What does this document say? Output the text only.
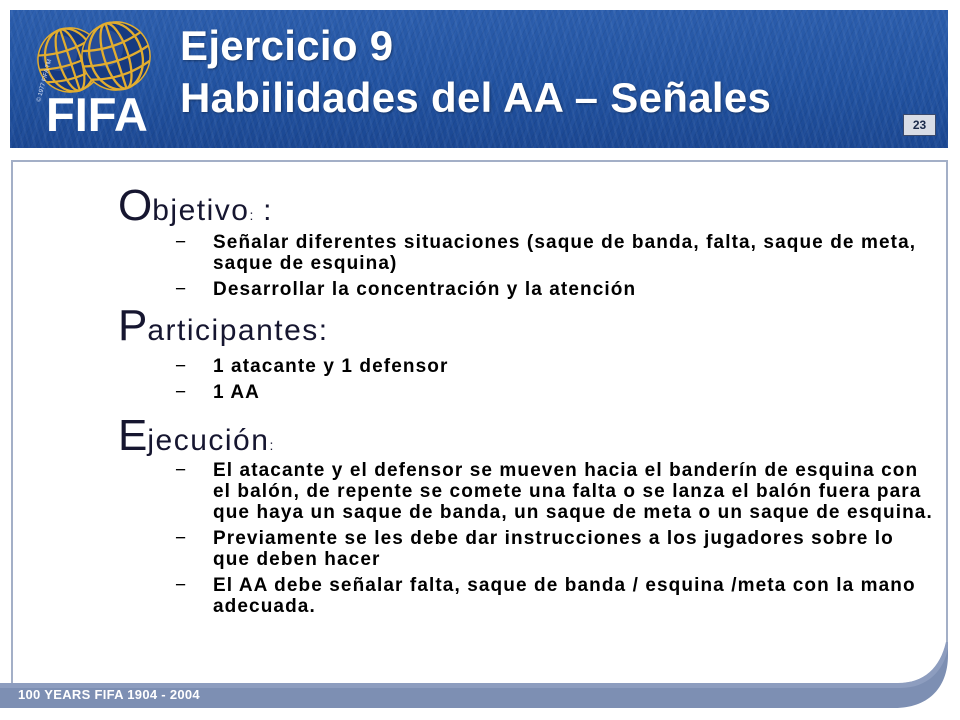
100 YEARS FIFA 1904 - 2004
© 1977 FIFA TM
FIFA
Ejercicio 9
Habilidades del AA – Señales
23
Objetivo: :
− Señalar diferentes situaciones (saque de banda, falta, saque de meta,
saque de esquina)
− Desarrollar la concentración y la atención
Participantes:
− 1 atacante y 1 defensor
− 1 AA
Ejecución:
− El atacante y el defensor se mueven hacia el banderín de esquina con
el balón, de repente se comete una falta o se lanza el balón fuera para
que haya un saque de banda, un saque de meta o un saque de esquina.
− Previamente se les debe dar instrucciones a los jugadores sobre lo
que deben hacer
− El AA debe señalar falta, saque de banda / esquina /meta con la mano
adecuada.
